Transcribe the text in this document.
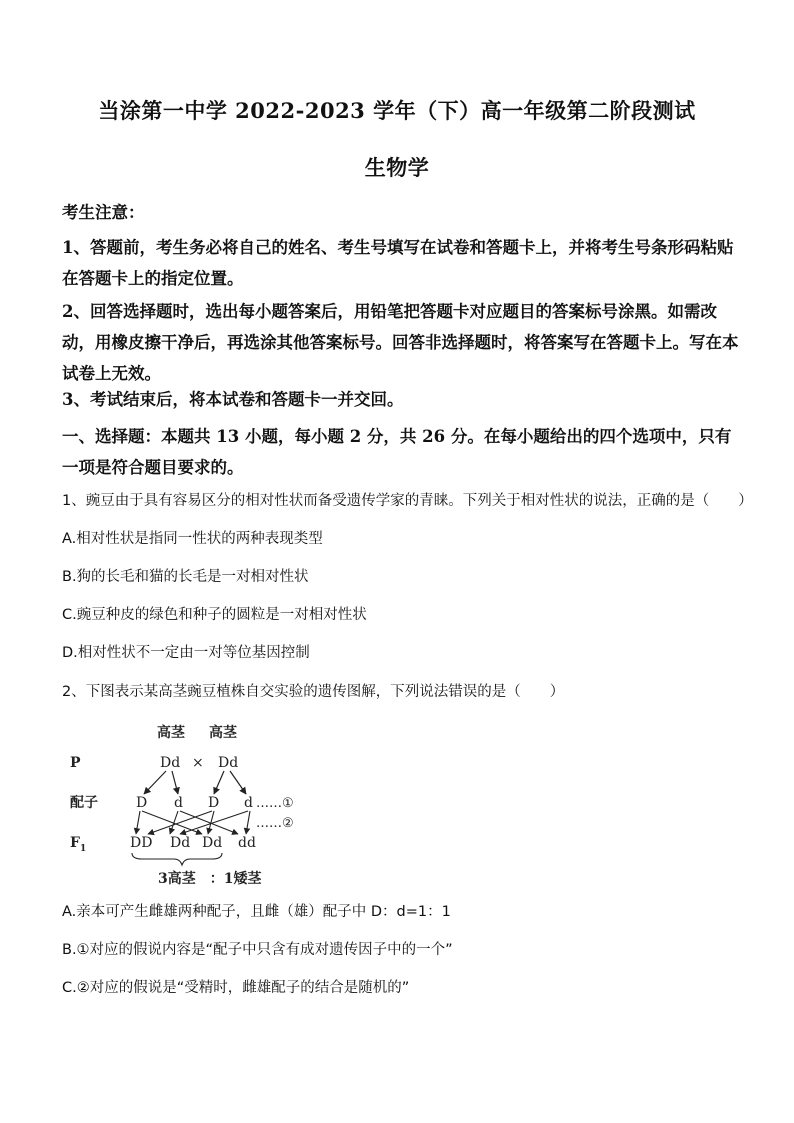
当涂第一中学 2022-2023 学年（下）高一年级第二阶段测试
生物学
考生注意：
1、答题前，考生务必将自己的姓名、考生号填写在试卷和答题卡上，并将考生号条形码粘贴在答题卡上的指定位置。
2、回答选择题时，选出每小题答案后，用铅笔把答题卡对应题目的答案标号涂黑。如需改动，用橡皮擦干净后，再选涂其他答案标号。回答非选择题时，将答案写在答题卡上。写在本试卷上无效。
3、考试结束后，将本试卷和答题卡一并交回。
一、选择题：本题共 13 小题，每小题 2 分，共 26 分。在每小题给出的四个选项中，只有一项是符合题目要求的。
1、豌豆由于具有容易区分的相对性状而备受遗传学家的青睐。下列关于相对性状的说法，正确的是（　　）
A.相对性状是指同一性状的两种表现类型
B.狗的长毛和猫的长毛是一对相对性状
C.豌豆种皮的绿色和种子的圆粒是一对相对性状
D.相对性状不一定由一对等位基因控制
2、下图表示某高茎豌豆植株自交实验的遗传图解，下列说法错误的是（　　）
高茎 高茎
P
配子
F 1
Dd × Dd
D d D d ……①
……②
DD Dd Dd dd
3高茎　：1矮茎
A.亲本可产生雌雄两种配子，且雌（雄）配子中 D：d=1：1
B.①对应的假说内容是“配子中只含有成对遗传因子中的一个”
C.②对应的假说是“受精时，雌雄配子的结合是随机的”
